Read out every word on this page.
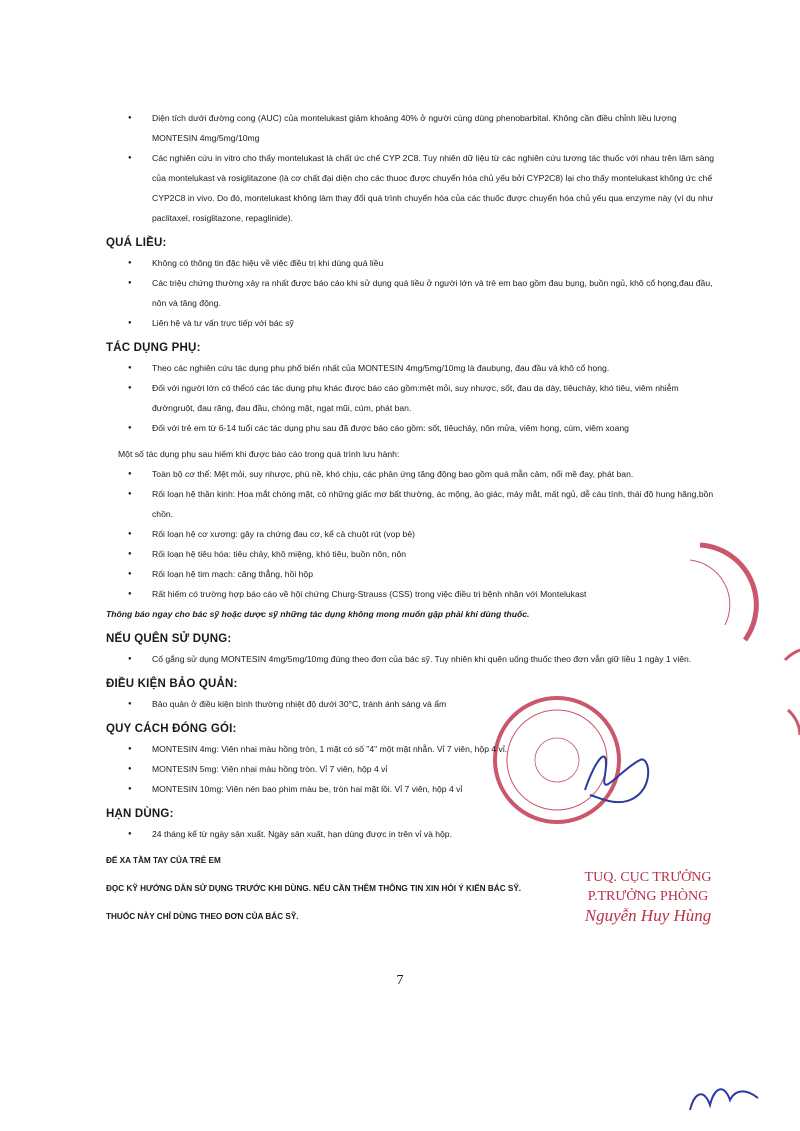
● Diện tích dưới đường cong (AUC) của montelukast giảm khoảng 40% ở người cùng dùng phenobarbital. Không cần điều chỉnh liều lượng MONTESIN 4mg/5mg/10mg
● Các nghiên cứu in vitro cho thấy montelukast là chất ức chế CYP 2C8. Tuy nhiên dữ liệu từ các nghiên cứu tương tác thuốc với nhau trên lâm sàng của montelukast và rosiglitazone (là cơ chất đại diện cho các thuoc được chuyển hóa chủ yếu bởi CYP2C8) lại cho thấy montelukast không ức chế CYP2C8 in vivo. Do đó, montelukast không làm thay đổi quá trình chuyển hóa của các thuốc được chuyển hóa chủ yếu qua enzyme này (ví dụ như paclitaxel, rosiglitazone, repaglinide).
QUÁ LIỀU:
● Không có thông tin đặc hiệu về việc điều trị khi dùng quá liều
● Các triệu chứng thường xảy ra nhất được báo cáo khi sử dụng quá liều ở người lớn và trẻ em bao gồm đau bụng, buồn ngủ, khô cổ họng,đau đầu, nôn và tăng động.
● Liên hệ và tư vấn trực tiếp với bác sỹ
TÁC DỤNG PHỤ:
● Theo các nghiên cứu tác dụng phụ phổ biến nhất của MONTESIN 4mg/5mg/10mg là đaubụng, đau đầu và khô cổ họng.
● Đối với người lớn có thểcó các tác dụng phụ khác được báo cáo gồm:mệt mỏi, suy nhược, sốt, đau dạ dày, tiêuchảy, khó tiêu, viêm nhiễm đườngruột, đau răng, đau đầu, chóng mặt, ngạt mũi, cúm, phát ban.
● Đối với trẻ em từ 6-14 tuổi các tác dụng phụ sau đã được báo cáo gồm: sốt, tiêuchảy, nôn mửa, viêm họng, cúm, viêm xoang
Một số tác dụng phụ sau hiếm khi được báo cáo trong quá trình lưu hành:
● Toàn bộ cơ thể: Mệt mỏi, suy nhược, phù nề, khó chịu, các phản ứng tăng động bao gồm quá mẫn cảm, nổi mề đay, phát ban.
● Rối loạn hệ thần kinh: Hoa mắt chóng mặt, có những giấc mơ bất thường, ác mộng, ảo giác, máy mắt, mất ngủ, dễ cáu tính, thái độ hung hăng,bồn chồn.
● Rối loạn hệ cơ xương: gây ra chứng đau cơ, kể cả chuột rút (vọp bẻ)
● Rối loạn hệ tiêu hóa: tiêu chảy, khô miệng, khó tiêu, buồn nôn, nôn
● Rối loạn hệ tim mạch: căng thẳng, hồi hộp
● Rất hiếm có trường hợp báo cáo về hội chứng Churg-Strauss (CSS) trong việc điều trị bệnh nhân với Montelukast
Thông báo ngay cho bác sỹ hoặc dược sỹ những tác dụng không mong muốn gặp phải khi dùng thuốc.
NẾU QUÊN SỬ DỤNG:
● Cố gắng sử dụng MONTESIN 4mg/5mg/10mg đúng theo đơn của bác sỹ. Tuy nhiên khi quên uống thuốc theo đơn vẫn giữ liều 1 ngày 1 viên.
ĐIỀU KIỆN BẢO QUẢN:
● Bảo quản ở điều kiện bình thường nhiệt độ dưới 30°C, tránh ánh sáng và ẩm
QUY CÁCH ĐÓNG GÓI:
● MONTESIN 4mg: Viên nhai màu hồng tròn, 1 mặt có số "4" một mặt nhẵn. Vỉ 7 viên, hộp 4 vỉ.
● MONTESIN 5mg: Viên nhai màu hồng tròn. Vỉ 7 viên, hộp 4 vỉ
● MONTESIN 10mg: Viên nén bao phim màu be, tròn hai mặt lồi. Vỉ 7 viên, hộp 4 vỉ
HẠN DÙNG:
● 24 tháng kể từ ngày sản xuất. Ngày sản xuất, hạn dùng được in trên vỉ và hộp.
ĐỂ XA TẦM TAY CỦA TRẺ EM
ĐỌC KỸ HƯỚNG DẪN SỬ DỤNG TRƯỚC KHI DÙNG. NẾU CẦN THÊM THÔNG TIN XIN HỎI Ý KIẾN BÁC SỸ.
THUỐC NÀY CHỈ DÙNG THEO ĐƠN CỦA BÁC SỸ.
7
TUQ. CỤC TRƯỞNG
P.TRƯỞNG PHÒNG
Nguyễn Huy Hùng
